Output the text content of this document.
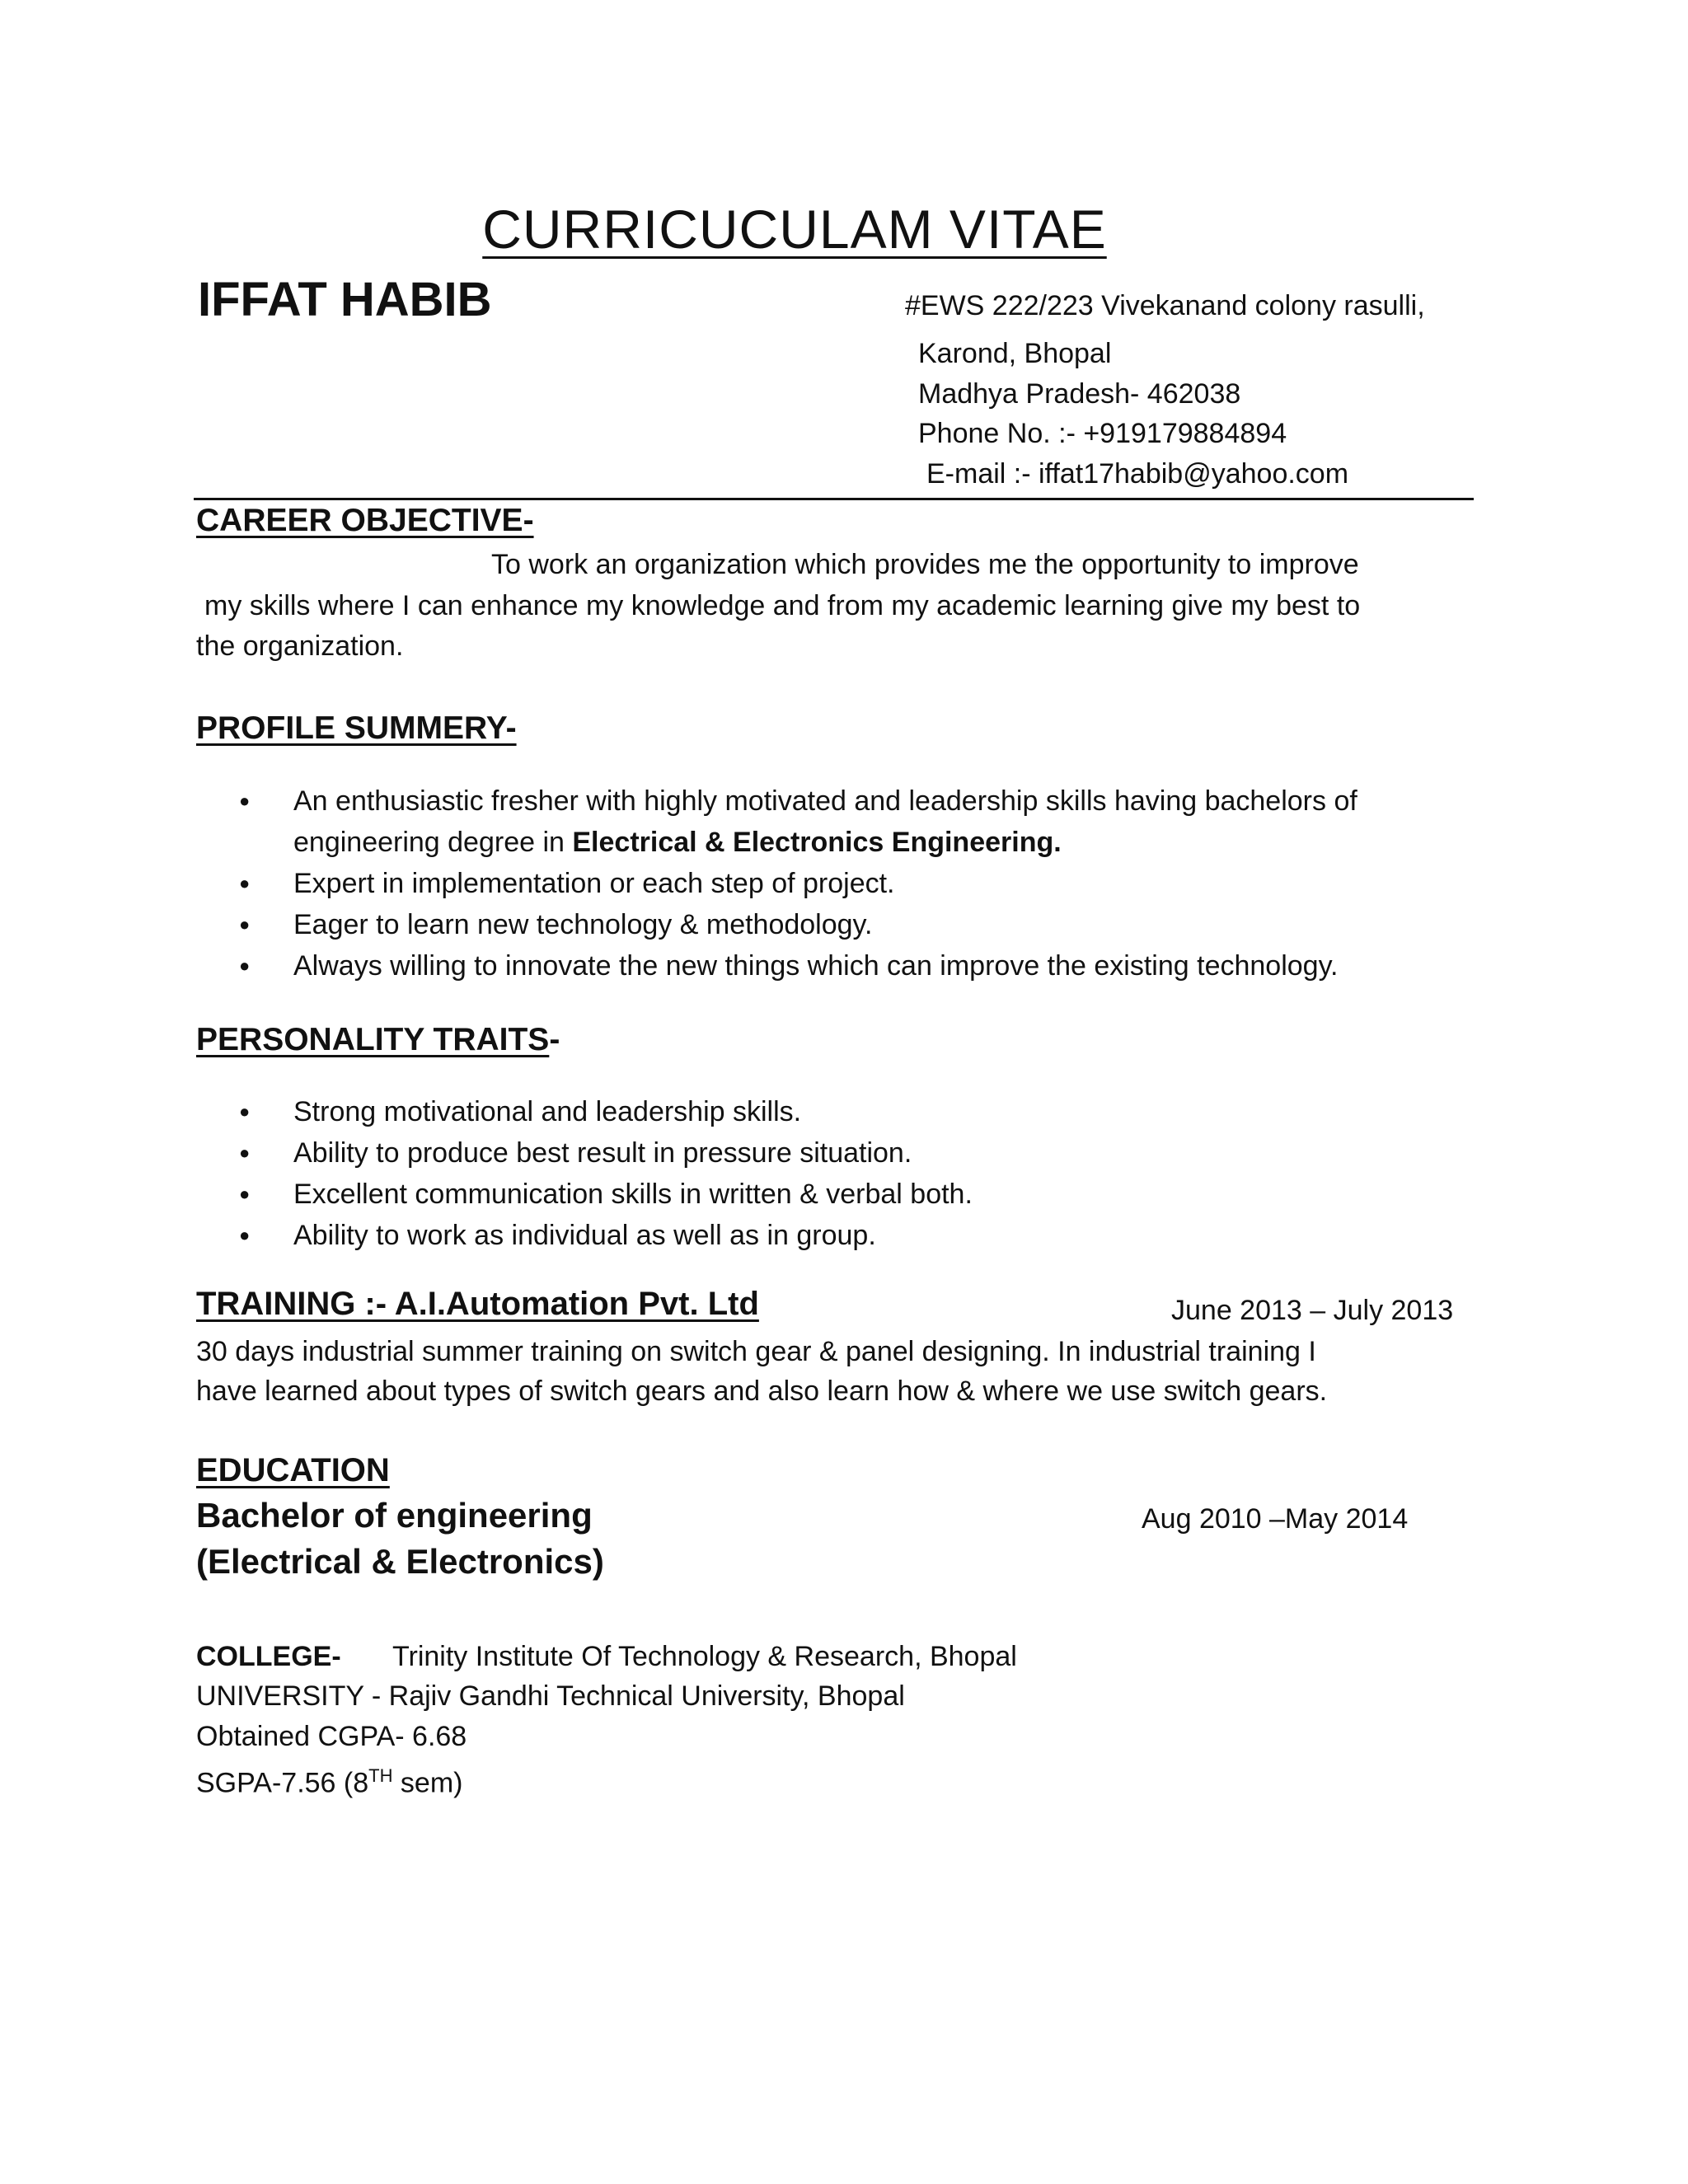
CURRICUCULAM VITAE
IFFAT HABIB	#EWS 222/223 Vivekanand colony rasulli,
Karond, Bhopal
Madhya Pradesh- 462038
Phone No. :- +919179884894
E-mail :- iffat17habib@yahoo.com
CAREER OBJECTIVE-
To work an organization which provides me the opportunity to improve
my skills where I can enhance my knowledge and from my academic learning give my best to
the organization.
PROFILE SUMMERY-
● An enthusiastic fresher with highly motivated and leadership skills having bachelors of
engineering degree in Electrical & Electronics Engineering.
● Expert in implementation or each step of project.
● Eager to learn new technology & methodology.
● Always willing to innovate the new things which can improve the existing technology.
PERSONALITY TRAITS-
● Strong motivational and leadership skills.
● Ability to produce best result in pressure situation.
● Excellent communication skills in written & verbal both.
● Ability to work as individual as well as in group.
TRAINING :- A.I.Automation Pvt. Ltd	June 2013 – July 2013
30 days industrial summer training on switch gear & panel designing. In industrial training I
have learned about types of switch gears and also learn how & where we use switch gears.
EDUCATION
Bachelor of engineering	Aug 2010 –May 2014
(Electrical & Electronics)
COLLEGE- Trinity Institute Of Technology & Research, Bhopal
UNIVERSITY - Rajiv Gandhi Technical University, Bhopal
Obtained CGPA- 6.68
SGPA-7.56 (8TH sem)
